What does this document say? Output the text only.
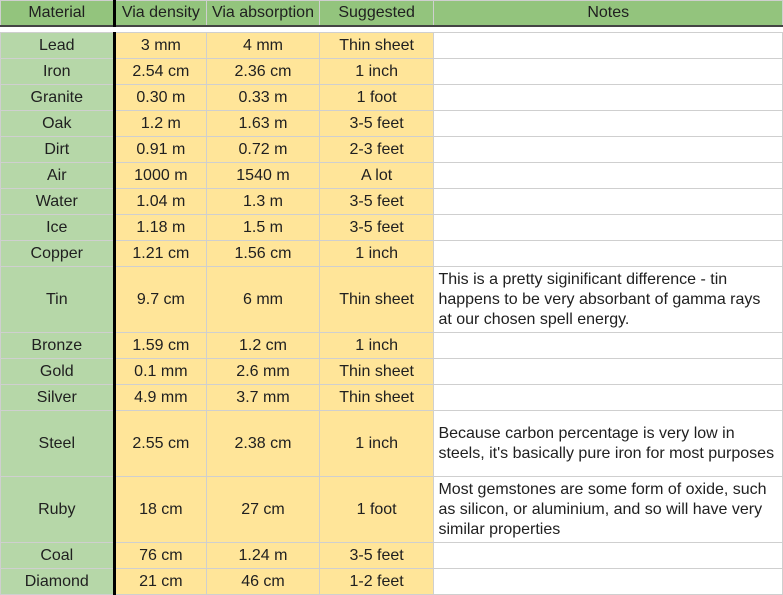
Material	Via density	Via absorption	Suggested	Notes

Lead	3 mm	4 mm	Thin sheet	
Iron	2.54 cm	2.36 cm	1 inch	
Granite	0.30 m	0.33 m	1 foot	
Oak	1.2 m	1.63 m	3-5 feet	
Dirt	0.91 m	0.72 m	2-3 feet	
Air	1000 m	1540 m	A lot	
Water	1.04 m	1.3 m	3-5 feet	
Ice	1.18 m	1.5 m	3-5 feet	
Copper	1.21 cm	1.56 cm	1 inch	
Tin	9.7 cm	6 mm	Thin sheet	This is a pretty siginificant difference - tin happens to be very absorbant of gamma rays at our chosen spell energy.
Bronze	1.59 cm	1.2 cm	1 inch	
Gold	0.1 mm	2.6 mm	Thin sheet	
Silver	4.9 mm	3.7 mm	Thin sheet	
Steel	2.55 cm	2.38 cm	1 inch	Because carbon percentage is very low in steels, it's basically pure iron for most purposes
Ruby	18 cm	27 cm	1 foot	Most gemstones are some form of oxide, such as silicon, or aluminium, and so will have very similar properties
Coal	76 cm	1.24 m	3-5 feet	
Diamond	21 cm	46 cm	1-2 feet	
